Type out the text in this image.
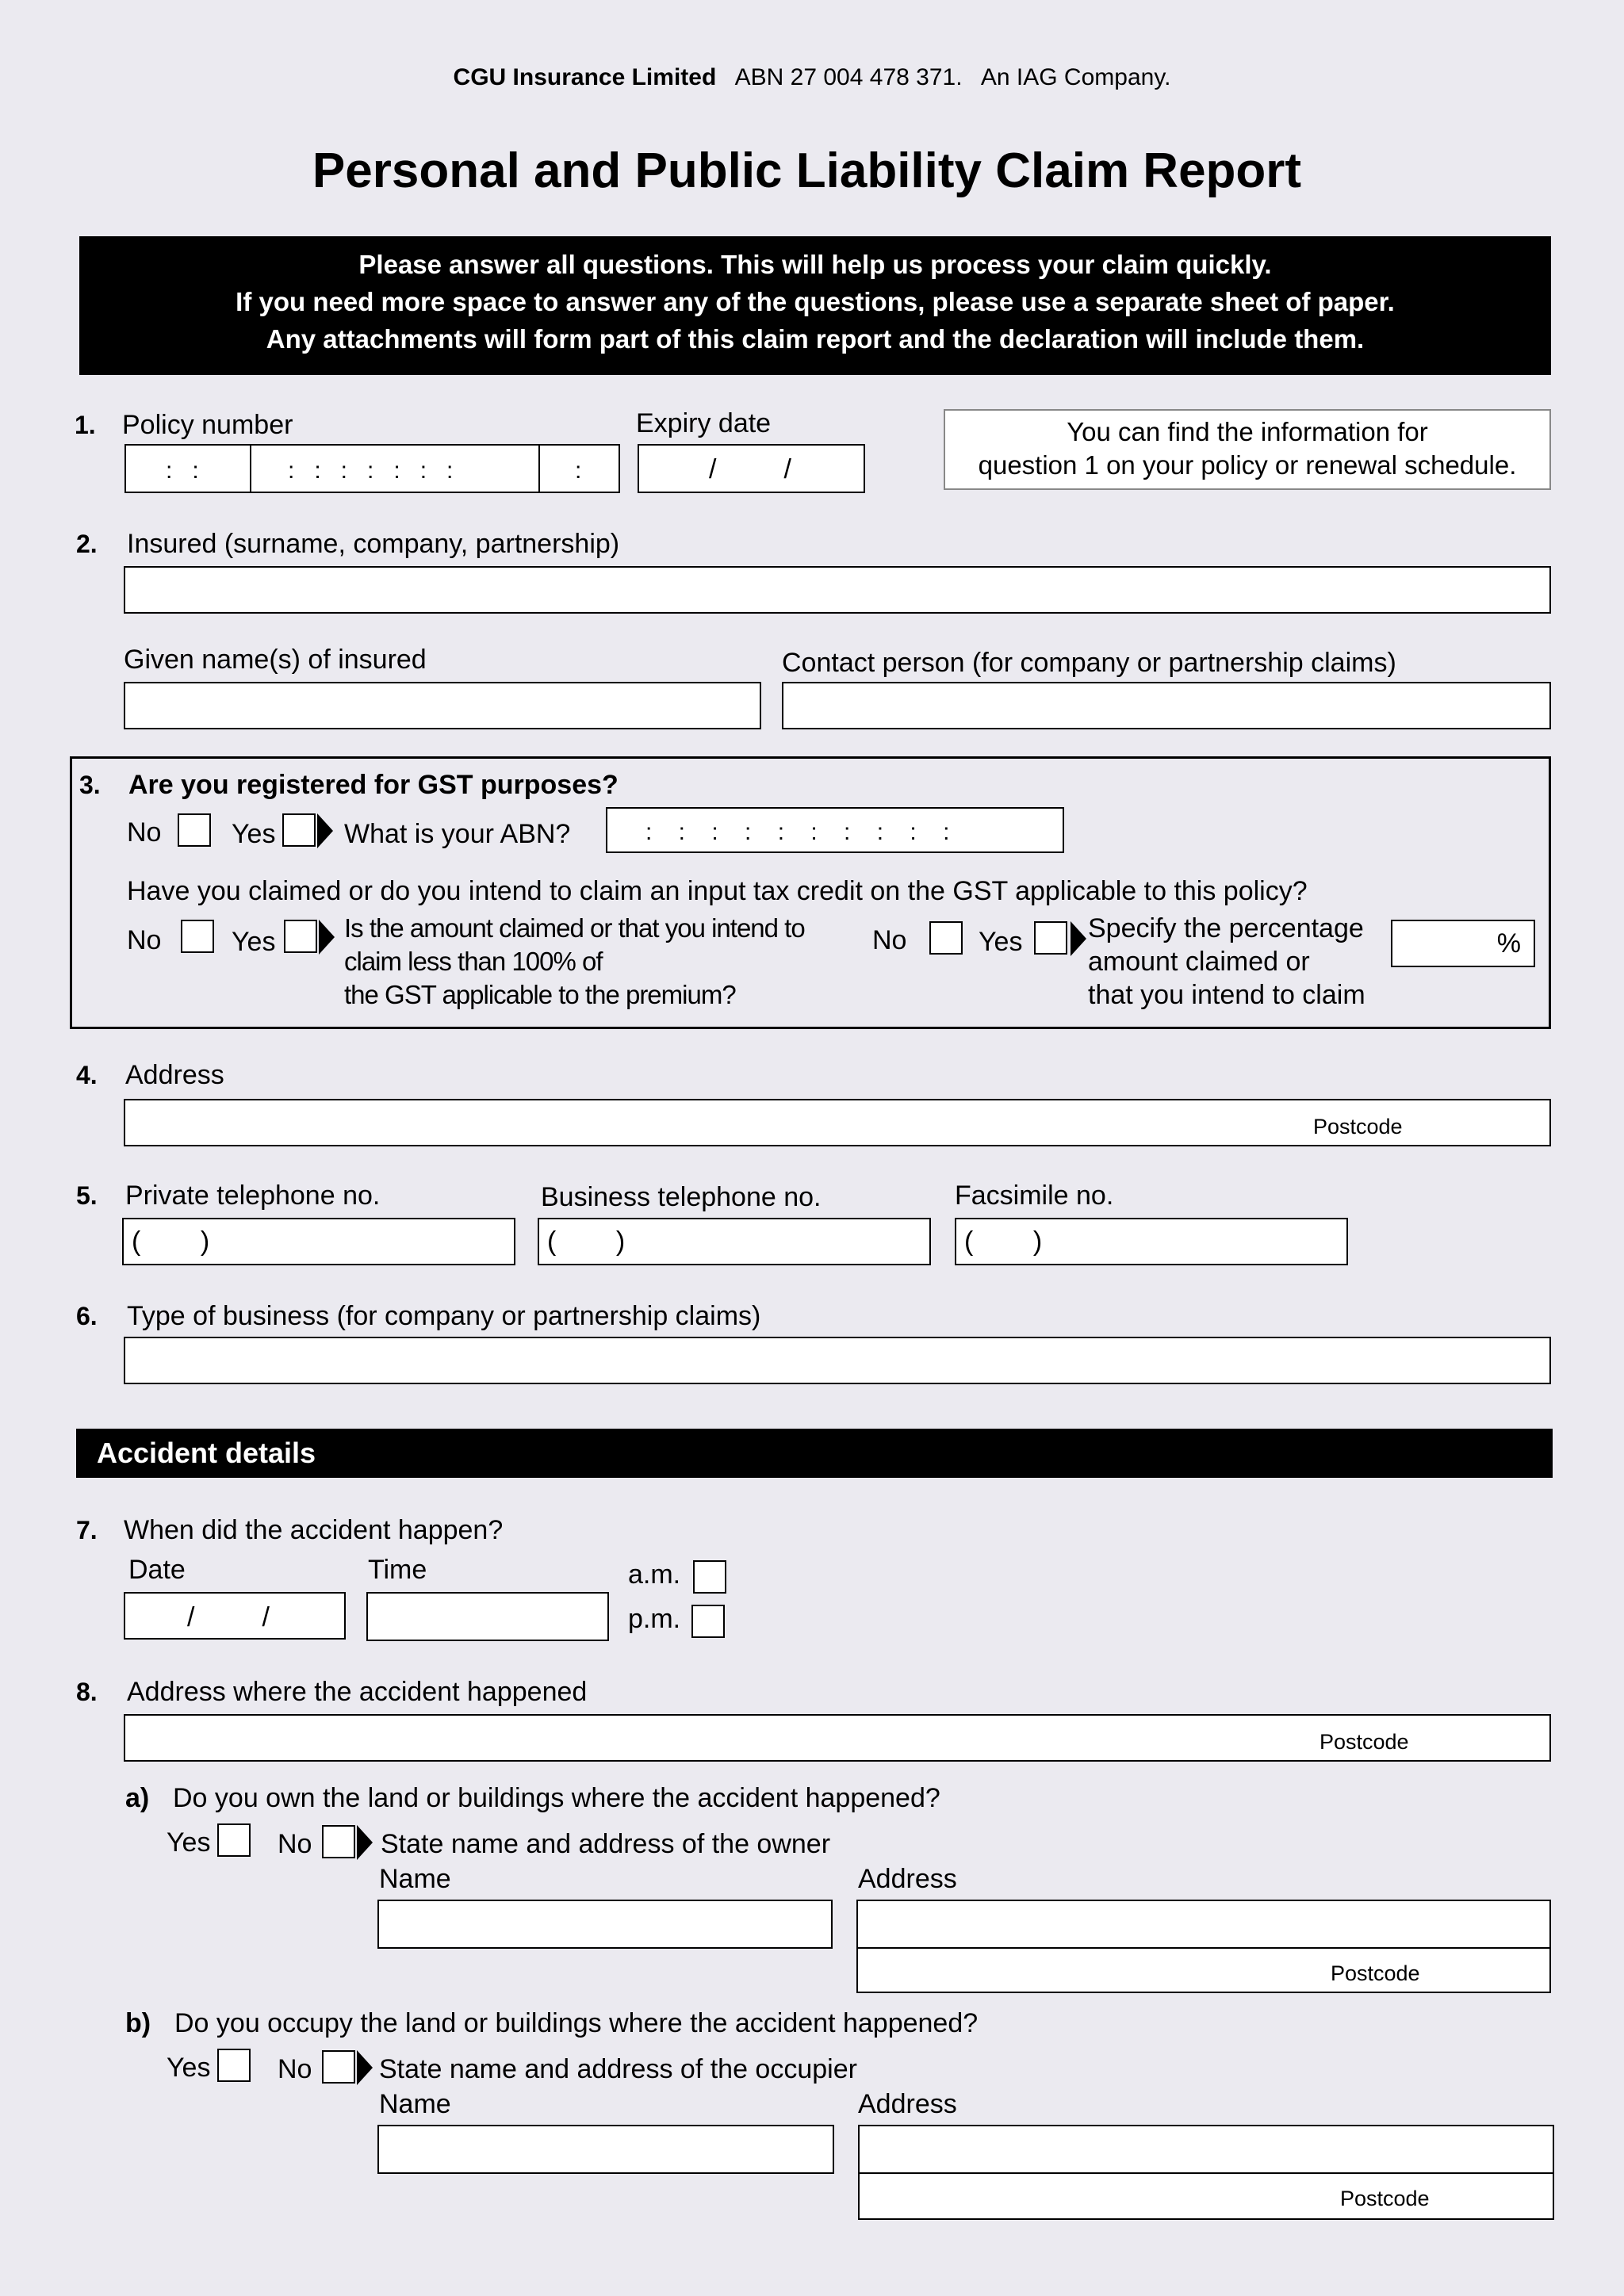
CGU Insurance Limited ABN 27 004 478 371. An IAG Company.
Personal and Public Liability Claim Report
Please answer all questions. This will help us process your claim quickly.
If you need more space to answer any of the questions, please use a separate sheet of paper.
Any attachments will form part of this claim report and the declaration will include them.
1. Policy number
:   :	:   :   :   :   :   :   :	:
Expiry date
/         /
You can find the information for
question 1 on your policy or renewal schedule.
2. Insured (surname, company, partnership)
Given name(s) of insured	Contact person (for company or partnership claims)
3. Are you registered for GST purposes?
No	Yes	What is your ABN?	:    :    :    :    :    :    :    :    :    :
Have you claimed or do you intend to claim an input tax credit on the GST applicable to this policy?
No	Yes	Is the amount claimed or that you intend to
claim less than 100% of
the GST applicable to the premium?
No	Yes Specify the percentage
amount claimed or
that you intend to claim
%
4. Address
Postcode
5. Private telephone no.
(        )
Business telephone no.
(        )
Facsimile no.
(        )
6. Type of business (for company or partnership claims)
Accident details
7. When did the accident happen?
Date
/         /
Time	a.m.
p.m.
8. Address where the accident happened
Postcode
a) Do you own the land or buildings where the accident happened?
Yes No	State name and address of the owner
Name	Address
Postcode
b) Do you occupy the land or buildings where the accident happened?
Yes No State name and address of the occupier
Name	Address
Postcode
